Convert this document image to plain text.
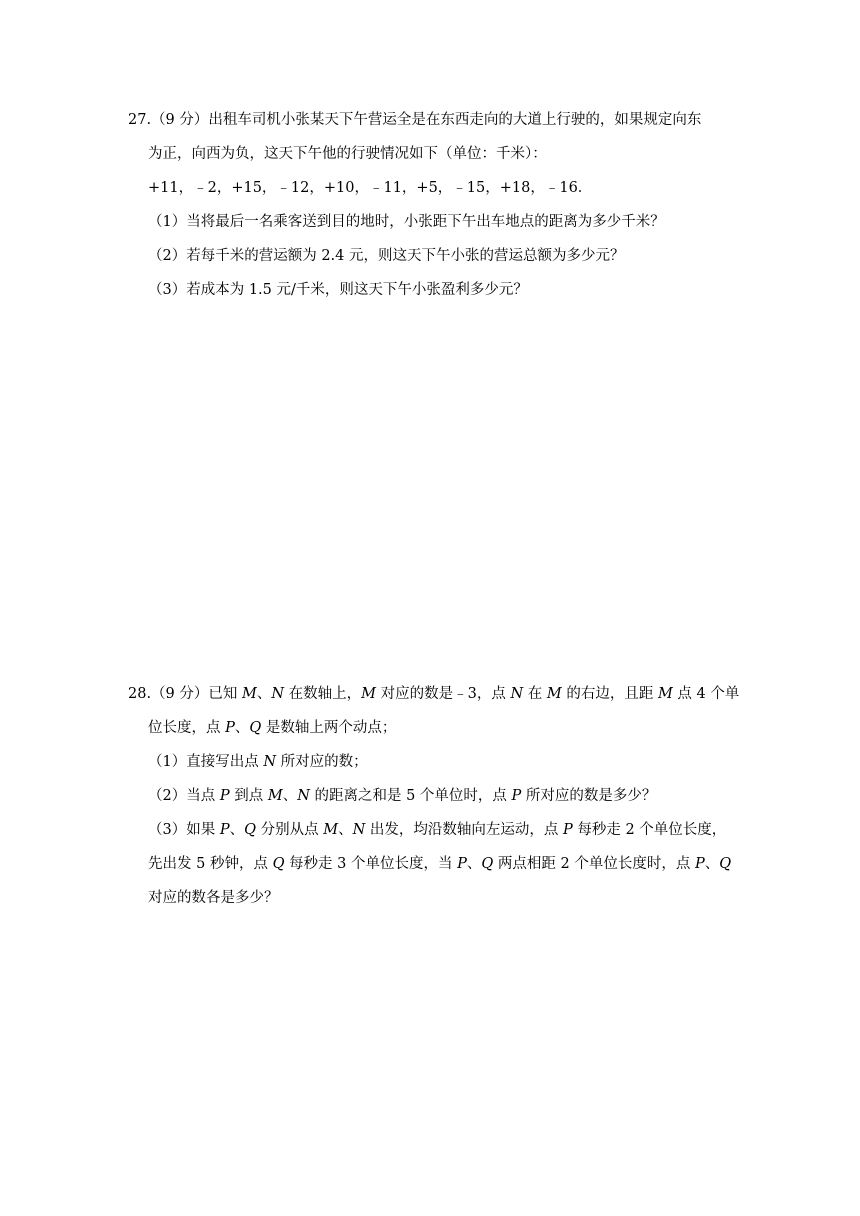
27.（9 分）出租车司机小张某天下午营运全是在东西走向的大道上行驶的，如果规定向东
为正，向西为负，这天下午他的行驶情况如下（单位：千米）：
+11，﹣2，+15，﹣12，+10，﹣11，+5，﹣15，+18，﹣16．
（1）当将最后一名乘客送到目的地时，小张距下午出车地点的距离为多少千米？
（2）若每千米的营运额为 2.4 元，则这天下午小张的营运总额为多少元？
（3）若成本为 1.5 元/千米，则这天下午小张盈利多少元？
28.（9 分）已知 M、N 在数轴上，M 对应的数是﹣3，点 N 在 M 的右边，且距 M 点 4 个单
位长度，点 P、Q 是数轴上两个动点；
（1）直接写出点 N 所对应的数；
（2）当点 P 到点 M、N 的距离之和是 5 个单位时，点 P 所对应的数是多少？
（3）如果 P、Q 分别从点 M、N 出发，均沿数轴向左运动，点 P 每秒走 2 个单位长度，
先出发 5 秒钟，点 Q 每秒走 3 个单位长度，当 P、Q 两点相距 2 个单位长度时，点 P、Q
对应的数各是多少？
